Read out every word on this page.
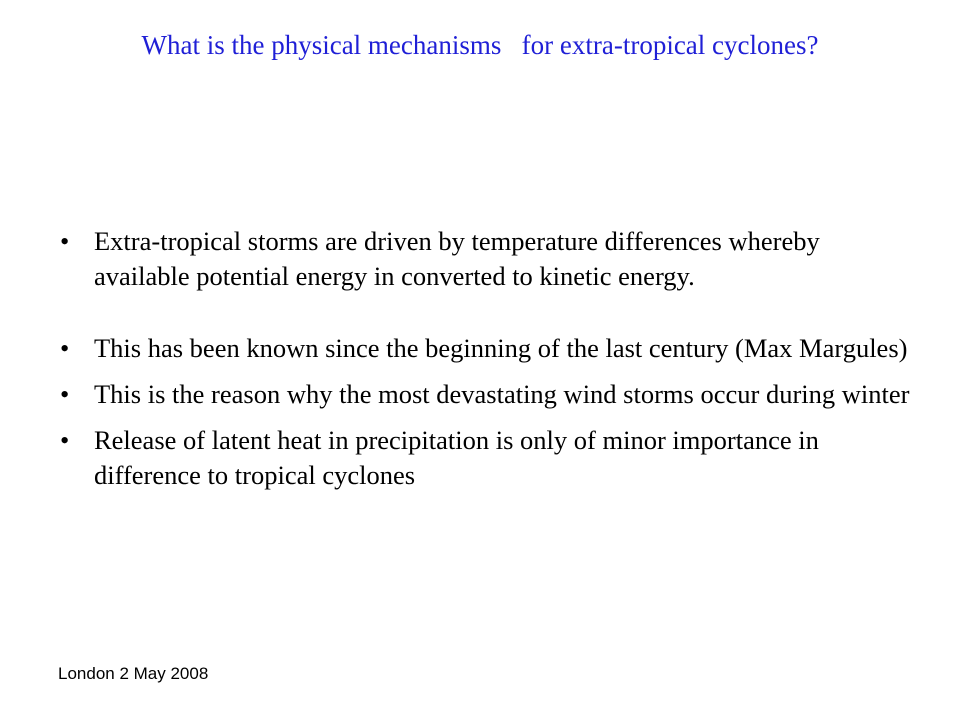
What is the physical mechanisms   for extra-tropical cyclones?
• Extra-tropical storms are driven by temperature differences whereby available potential energy in converted to kinetic energy.
• This has been known since the beginning of the last century (Max Margules)
• This is the reason why the most devastating wind storms occur during winter
• Release of latent heat in precipitation is only of minor importance in difference to tropical cyclones
London 2 May 2008
